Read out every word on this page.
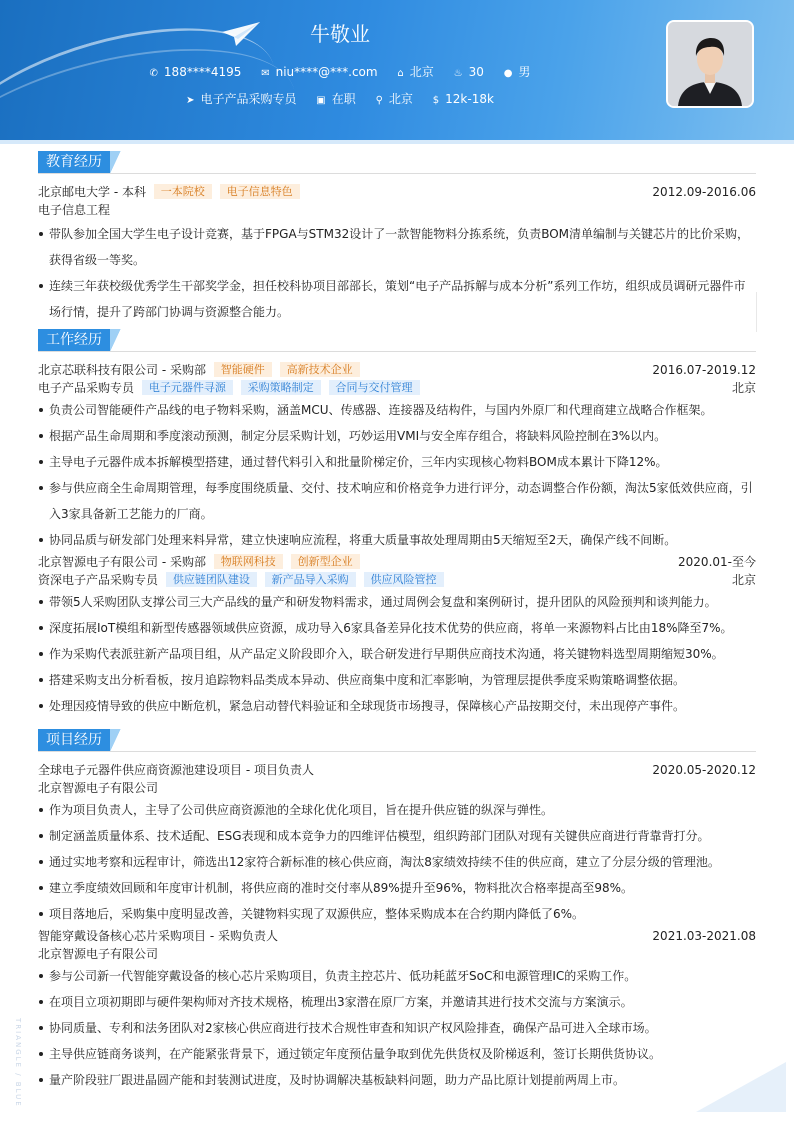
牛敬业
✆ 188****4195 ✉ niu****@***.com ⌂ 北京 ♨ 30 ● 男
➤ 电子产品采购专员 ▣ 在职 ⚲ 北京 $ 12k-18k
教育经历
北京邮电大学 - 本科 一本院校 电子信息特色	2012.09-2016.06
电子信息工程
带队参加全国大学生电子设计竞赛，基于FPGA与STM32设计了一款智能物料分拣系统，负责BOM清单编制与关键芯片的比价采购，获得省级一等奖。
连续三年获校级优秀学生干部奖学金，担任校科协项目部部长，策划“电子产品拆解与成本分析”系列工作坊，组织成员调研元器件市场行情，提升了跨部门协调与资源整合能力。
工作经历
北京芯联科技有限公司 - 采购部 智能硬件 高新技术企业	2016.07-2019.12
电子产品采购专员 电子元器件寻源 采购策略制定 合同与交付管理	北京
负责公司智能硬件产品线的电子物料采购，涵盖MCU、传感器、连接器及结构件，与国内外原厂和代理商建立战略合作框架。
根据产品生命周期和季度滚动预测，制定分层采购计划，巧妙运用VMI与安全库存组合，将缺料风险控制在3%以内。
主导电子元器件成本拆解模型搭建，通过替代料引入和批量阶梯定价，三年内实现核心物料BOM成本累计下降12%。
参与供应商全生命周期管理，每季度围绕质量、交付、技术响应和价格竞争力进行评分，动态调整合作份额，淘汰5家低效供应商，引入3家具备新工艺能力的厂商。
协同品质与研发部门处理来料异常，建立快速响应流程，将重大质量事故处理周期由5天缩短至2天，确保产线不间断。
北京智源电子有限公司 - 采购部 物联网科技 创新型企业	2020.01-至今
资深电子产品采购专员 供应链团队建设 新产品导入采购 供应风险管控	北京
带领5人采购团队支撑公司三大产品线的量产和研发物料需求，通过周例会复盘和案例研讨，提升团队的风险预判和谈判能力。
深度拓展IoT模组和新型传感器领域供应资源，成功导入6家具备差异化技术优势的供应商，将单一来源物料占比由18%降至7%。
作为采购代表派驻新产品项目组，从产品定义阶段即介入，联合研发进行早期供应商技术沟通，将关键物料选型周期缩短30%。
搭建采购支出分析看板，按月追踪物料品类成本异动、供应商集中度和汇率影响，为管理层提供季度采购策略调整依据。
处理因疫情导致的供应中断危机，紧急启动替代料验证和全球现货市场搜寻，保障核心产品按期交付，未出现停产事件。
项目经历
全球电子元器件供应商资源池建设项目 - 项目负责人	2020.05-2020.12
北京智源电子有限公司
作为项目负责人，主导了公司供应商资源池的全球化优化项目，旨在提升供应链的纵深与弹性。
制定涵盖质量体系、技术适配、ESG表现和成本竞争力的四维评估模型，组织跨部门团队对现有关键供应商进行背靠背打分。
通过实地考察和远程审计，筛选出12家符合新标准的核心供应商，淘汰8家绩效持续不佳的供应商，建立了分层分级的管理池。
建立季度绩效回顾和年度审计机制，将供应商的准时交付率从89%提升至96%，物料批次合格率提高至98%。
项目落地后，采购集中度明显改善，关键物料实现了双源供应，整体采购成本在合约期内降低了6%。
智能穿戴设备核心芯片采购项目 - 采购负责人	2021.03-2021.08
北京智源电子有限公司
参与公司新一代智能穿戴设备的核心芯片采购项目，负责主控芯片、低功耗蓝牙SoC和电源管理IC的采购工作。
在项目立项初期即与硬件架构师对齐技术规格，梳理出3家潜在原厂方案，并邀请其进行技术交流与方案演示。
协同质量、专利和法务团队对2家核心供应商进行技术合规性审查和知识产权风险排查，确保产品可进入全球市场。
主导供应链商务谈判，在产能紧张背景下，通过锁定年度预估量争取到优先供货权及阶梯返利，签订长期供货协议。
量产阶段驻厂跟进晶圆产能和封装测试进度，及时协调解决基板缺料问题，助力产品比原计划提前两周上市。
TRIANGLE / BLUE
